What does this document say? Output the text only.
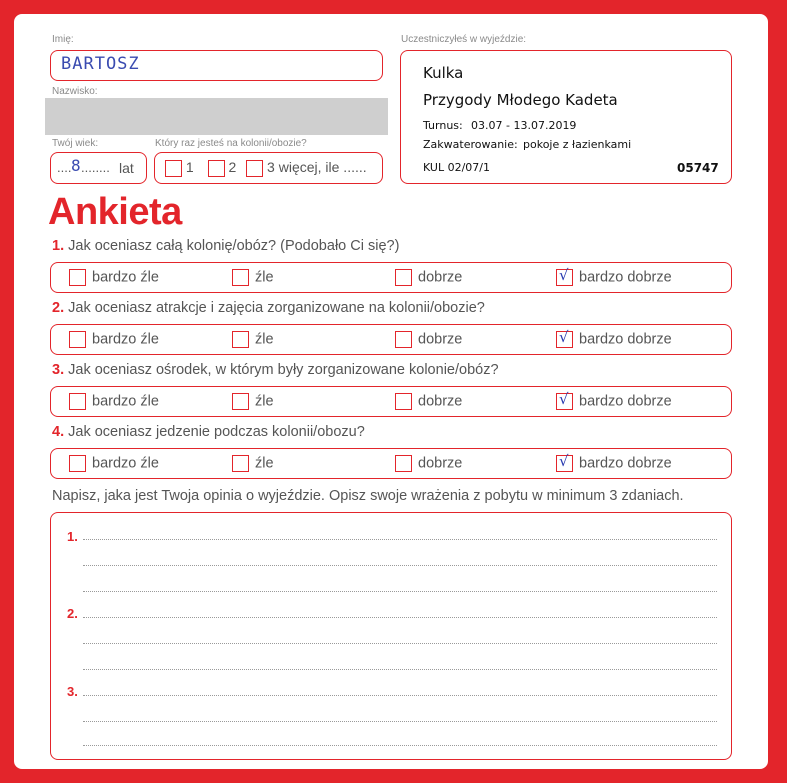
Imię:
BARTOSZ
Nazwisko:
Twój wiek:
.... 8 ........ lat
Który raz jesteś na kolonii/obozie?
1 2 3 więcej, ile ......
Uczestniczyłeś w wyjeździe:
Kulka
Przygody Młodego Kadeta
Turnus: 03.07 - 13.07.2019
Zakwaterowanie: pokoje z łazienkami
KUL 02/07/1	05747
Ankieta
1. Jak oceniasz całą kolonię/obóz? (Podobało Ci się?)
bardzo źle	źle	dobrze	√ bardzo dobrze
2. Jak oceniasz atrakcje i zajęcia zorganizowane na kolonii/obozie?
bardzo źle	źle	dobrze	√ bardzo dobrze
3. Jak oceniasz ośrodek, w którym były zorganizowane kolonie/obóz?
bardzo źle	źle	dobrze	√ bardzo dobrze
4. Jak oceniasz jedzenie podczas kolonii/obozu?
bardzo źle	źle	dobrze	√ bardzo dobrze
Napisz, jaka jest Twoja opinia o wyjeździe. Opisz swoje wrażenia z pobytu w minimum 3 zdaniach.
1.
2.
3.
